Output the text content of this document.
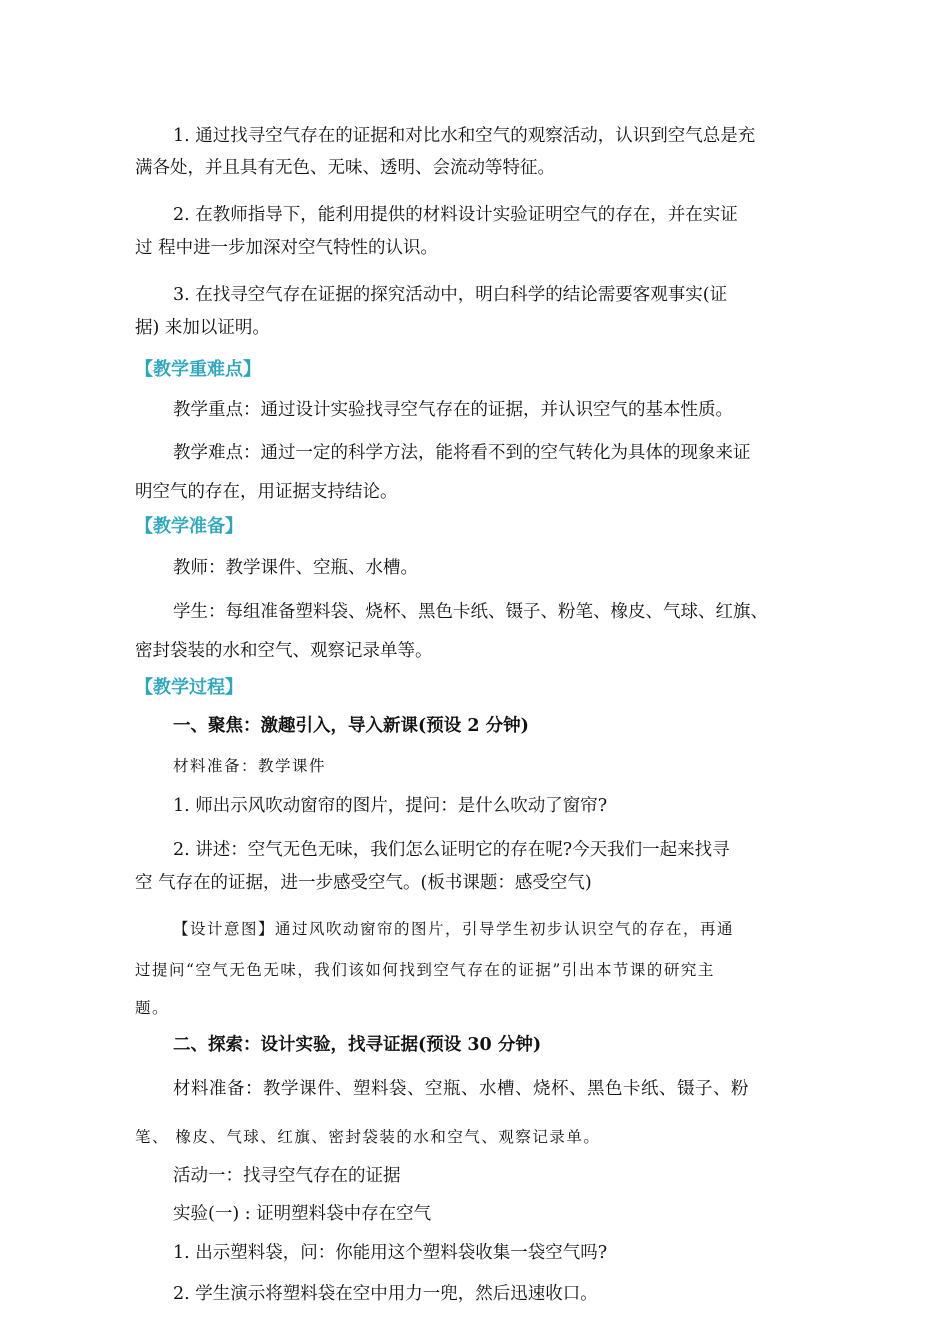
1. 通过找寻空气存在的证据和对比水和空气的观察活动，认识到空气总是充
满各处，并且具有无色、无味、透明、会流动等特征。
2. 在教师指导下，能利用提供的材料设计实验证明空气的存在，并在实证
过 程中进一步加深对空气特性的认识。
3. 在找寻空气存在证据的探究活动中，明白科学的结论需要客观事实(证
据) 来加以证明。
【教学重难点】
教学重点：通过设计实验找寻空气存在的证据，并认识空气的基本性质。
教学难点：通过一定的科学方法，能将看不到的空气转化为具体的现象来证
明空气的存在，用证据支持结论。
【教学准备】
教师：教学课件、空瓶、水槽。
学生：每组准备塑料袋、烧杯、黑色卡纸、镊子、粉笔、橡皮、气球、红旗、
密封袋装的水和空气、观察记录单等。
【教学过程】
一、聚焦：激趣引入，导入新课(预设 2 分钟)
材料准备：教学课件
1. 师出示风吹动窗帘的图片，提问：是什么吹动了窗帘?
2. 讲述：空气无色无味，我们怎么证明它的存在呢?今天我们一起来找寻
空 气存在的证据，进一步感受空气。(板书课题：感受空气)
【设计意图】通过风吹动窗帘的图片，引导学生初步认识空气的存在，再通
过提问“空气无色无味，我们该如何找到空气存在的证据”引出本节课的研究主
题。
二、探索：设计实验，找寻证据(预设 30 分钟)
材料准备：教学课件、塑料袋、空瓶、水槽、烧杯、黑色卡纸、镊子、粉
笔、 橡皮、气球、红旗、密封袋装的水和空气、观察记录单。
活动一：找寻空气存在的证据
实验(一) : 证明塑料袋中存在空气
1. 出示塑料袋，问：你能用这个塑料袋收集一袋空气吗?
2. 学生演示将塑料袋在空中用力一兜，然后迅速收口。
